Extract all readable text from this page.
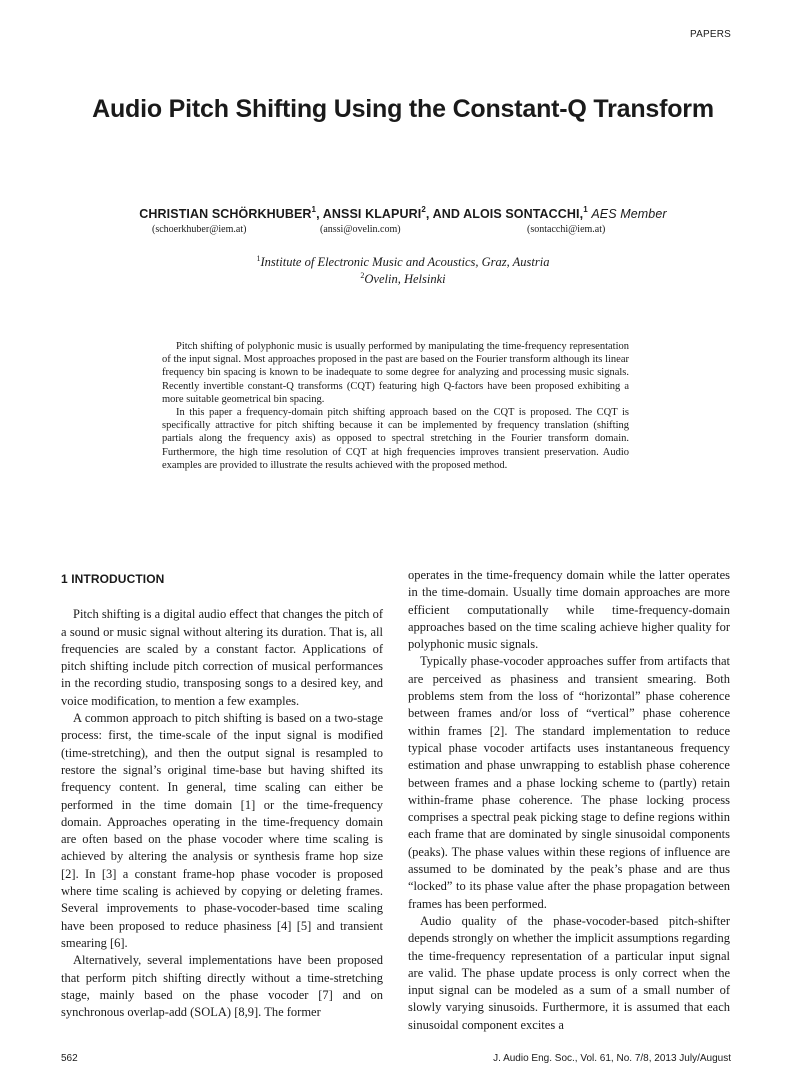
PAPERS
Audio Pitch Shifting Using the Constant-Q Transform
CHRISTIAN SCHÖRKHUBER$^1$, ANSSI KLAPURI$^2$, AND ALOIS SONTACCHI,$^1$ AES Member
(schoerkhuber@iem.at)	(anssi@ovelin.com)	(sontacchi@iem.at)
$^1$Institute of Electronic Music and Acoustics, Graz, Austria
$^2$Ovelin, Helsinki

Pitch shifting of polyphonic music is usually performed by manipulating the time-frequency representation of the input signal. Most approaches proposed in the past are based on the Fourier transform although its linear frequency bin spacing is known to be inadequate to some degree for analyzing and processing music signals. Recently invertible constant-Q transforms (CQT) featuring high Q-factors have been proposed exhibiting a more suitable geometrical bin spacing.

In this paper a frequency-domain pitch shifting approach based on the CQT is proposed. The CQT is specifically attractive for pitch shifting because it can be implemented by frequency translation (shifting partials along the frequency axis) as opposed to spectral stretching in the Fourier transform domain. Furthermore, the high time resolution of CQT at high frequencies improves transient preservation. Audio examples are provided to illustrate the results achieved with the proposed method.

1 INTRODUCTION

Pitch shifting is a digital audio effect that changes the pitch of a sound or music signal without altering its duration. That is, all frequencies are scaled by a constant factor. Applications of pitch shifting include pitch correction of musical performances in the recording studio, transposing songs to a desired key, and voice modification, to mention a few examples.

A common approach to pitch shifting is based on a two-stage process: first, the time-scale of the input signal is modified (time-stretching), and then the output signal is resampled to restore the signal’s original time-base but having shifted its frequency content. In general, time scaling can either be performed in the time domain [1] or the time-frequency domain. Approaches operating in the time-frequency domain are often based on the phase vocoder where time scaling is achieved by altering the analysis or synthesis frame hop size [2]. In [3] a constant frame-hop phase vocoder is proposed where time scaling is achieved by copying or deleting frames. Several improvements to phase-vocoder-based time scaling have been proposed to reduce phasiness [4] [5] and transient smearing [6].

Alternatively, several implementations have been proposed that perform pitch shifting directly without a time-stretching stage, mainly based on the phase vocoder [7] and on synchronous overlap-add (SOLA) [8,9]. The former

operates in the time-frequency domain while the latter operates in the time-domain. Usually time domain approaches are more efficient computationally while time-frequency-domain approaches based on the time scaling achieve higher quality for polyphonic music signals.

Typically phase-vocoder approaches suffer from artifacts that are perceived as phasiness and transient smearing. Both problems stem from the loss of “horizontal” phase coherence between frames and/or loss of “vertical” phase coherence within frames [2]. The standard implementation to reduce typical phase vocoder artifacts uses instantaneous frequency estimation and phase unwrapping to establish phase coherence between frames and a phase locking scheme to (partly) retain within-frame phase coherence. The phase locking process comprises a spectral peak picking stage to define regions within each frame that are dominated by single sinusoidal components (peaks). The phase values within these regions of influence are assumed to be dominated by the peak’s phase and are thus “locked” to its phase value after the phase propagation between frames has been performed.

Audio quality of the phase-vocoder-based pitch-shifter depends strongly on whether the implicit assumptions regarding the time-frequency representation of a particular input signal are valid. The phase update process is only correct when the input signal can be modeled as a sum of a small number of slowly varying sinusoids. Furthermore, it is assumed that each sinusoidal component excites a

562	J. Audio Eng. Soc., Vol. 61, No. 7/8, 2013 July/August
